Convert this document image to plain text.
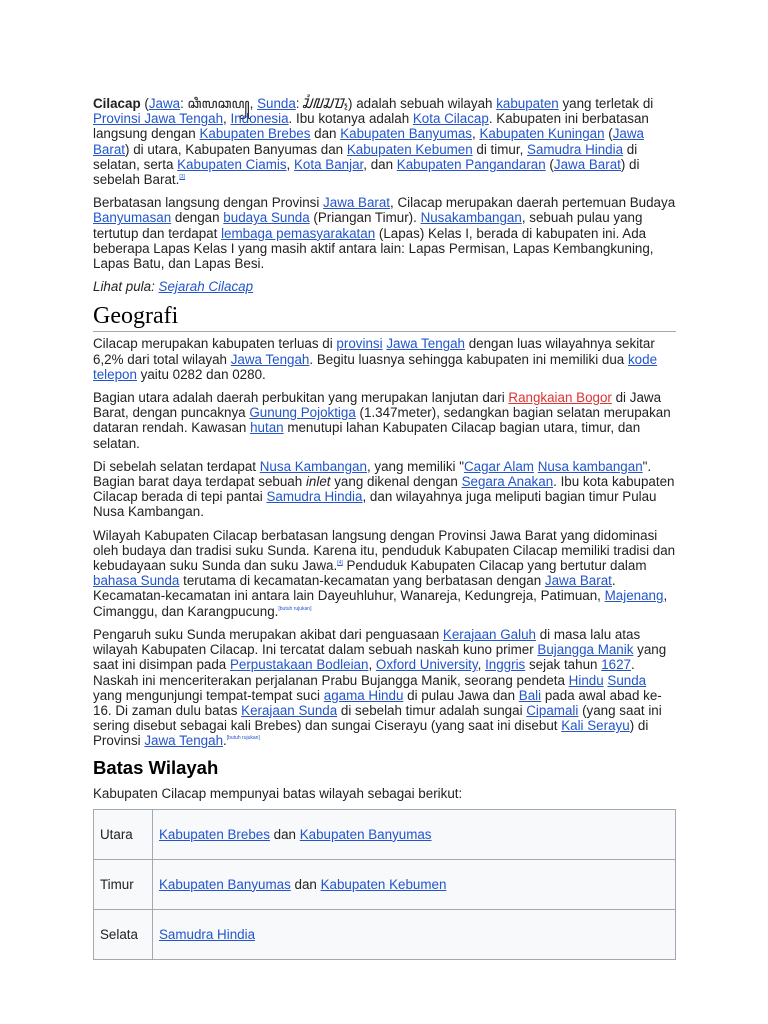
Cilacap (Jawa: ꦕꦶꦭꦕꦥ꧀, Sunda: ᮎᮤᮜᮎᮕ᮪) adalah sebuah wilayah kabupaten yang terletak di Provinsi Jawa Tengah, Indonesia. Ibu kotanya adalah Kota Cilacap. Kabupaten ini berbatasan langsung dengan Kabupaten Brebes dan Kabupaten Banyumas, Kabupaten Kuningan (Jawa Barat) di utara, Kabupaten Banyumas dan Kabupaten Kebumen di timur, Samudra Hindia di selatan, serta Kabupaten Ciamis, Kota Banjar, dan Kabupaten Pangandaran (Jawa Barat) di sebelah Barat.[3]

Berbatasan langsung dengan Provinsi Jawa Barat, Cilacap merupakan daerah pertemuan Budaya Banyumasan dengan budaya Sunda (Priangan Timur). Nusakambangan, sebuah pulau yang tertutup dan terdapat lembaga pemasyarakatan (Lapas) Kelas I, berada di kabupaten ini. Ada beberapa Lapas Kelas I yang masih aktif antara lain: Lapas Permisan, Lapas Kembangkuning, Lapas Batu, dan Lapas Besi.

Lihat pula: Sejarah Cilacap

Geografi

Cilacap merupakan kabupaten terluas di provinsi Jawa Tengah dengan luas wilayahnya sekitar 6,2% dari total wilayah Jawa Tengah. Begitu luasnya sehingga kabupaten ini memiliki dua kode telepon yaitu 0282 dan 0280.

Bagian utara adalah daerah perbukitan yang merupakan lanjutan dari Rangkaian Bogor di Jawa Barat, dengan puncaknya Gunung Pojoktiga (1.347meter), sedangkan bagian selatan merupakan dataran rendah. Kawasan hutan menutupi lahan Kabupaten Cilacap bagian utara, timur, dan selatan.

Di sebelah selatan terdapat Nusa Kambangan, yang memiliki "Cagar Alam Nusa kambangan". Bagian barat daya terdapat sebuah inlet yang dikenal dengan Segara Anakan. Ibu kota kabupaten Cilacap berada di tepi pantai Samudra Hindia, dan wilayahnya juga meliputi bagian timur Pulau Nusa Kambangan.

Wilayah Kabupaten Cilacap berbatasan langsung dengan Provinsi Jawa Barat yang didominasi oleh budaya dan tradisi suku Sunda. Karena itu, penduduk Kabupaten Cilacap memiliki tradisi dan kebudayaan suku Sunda dan suku Jawa.[4] Penduduk Kabupaten Cilacap yang bertutur dalam bahasa Sunda terutama di kecamatan-kecamatan yang berbatasan dengan Jawa Barat. Kecamatan-kecamatan ini antara lain Dayeuhluhur, Wanareja, Kedungreja, Patimuan, Majenang, Cimanggu, dan Karangpucung.[butuh rujukan]

Pengaruh suku Sunda merupakan akibat dari penguasaan Kerajaan Galuh di masa lalu atas wilayah Kabupaten Cilacap. Ini tercatat dalam sebuah naskah kuno primer Bujangga Manik yang saat ini disimpan pada Perpustakaan Bodleian, Oxford University, Inggris sejak tahun 1627. Naskah ini menceriterakan perjalanan Prabu Bujangga Manik, seorang pendeta Hindu Sunda yang mengunjungi tempat-tempat suci agama Hindu di pulau Jawa dan Bali pada awal abad ke-16. Di zaman dulu batas Kerajaan Sunda di sebelah timur adalah sungai Cipamali (yang saat ini sering disebut sebagai kali Brebes) dan sungai Ciserayu (yang saat ini disebut Kali Serayu) di Provinsi Jawa Tengah.[butuh rujukan]

Batas Wilayah

Kabupaten Cilacap mempunyai batas wilayah sebagai berikut:

Utara	Kabupaten Brebes dan Kabupaten Banyumas
Timur	Kabupaten Banyumas dan Kabupaten Kebumen
Selata	Samudra Hindia
